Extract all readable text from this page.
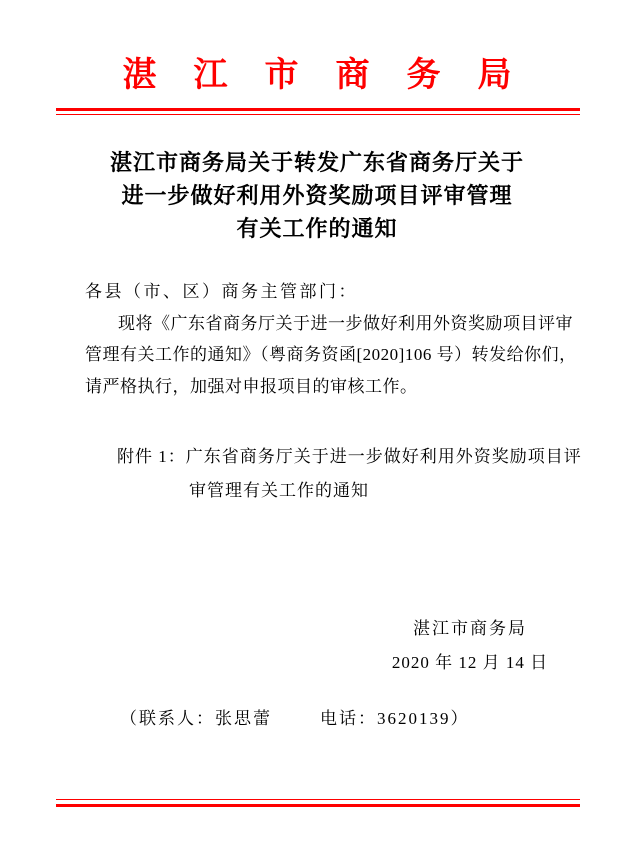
湛江市商务局
湛江市商务局关于转发广东省商务厅关于
进一步做好利用外资奖励项目评审管理
有关工作的通知
各县（市、区）商务主管部门：
现将《广东省商务厅关于进一步做好利用外资奖励项目评审
管理有关工作的通知》（粤商务资函[2020]106 号）转发给你们，
请严格执行，加强对申报项目的审核工作。
附件 1：广东省商务厅关于进一步做好利用外资奖励项目评
审管理有关工作的通知
湛江市商务局
2020 年 12 月 14 日
（联系人：张思蕾	电话：3620139）
